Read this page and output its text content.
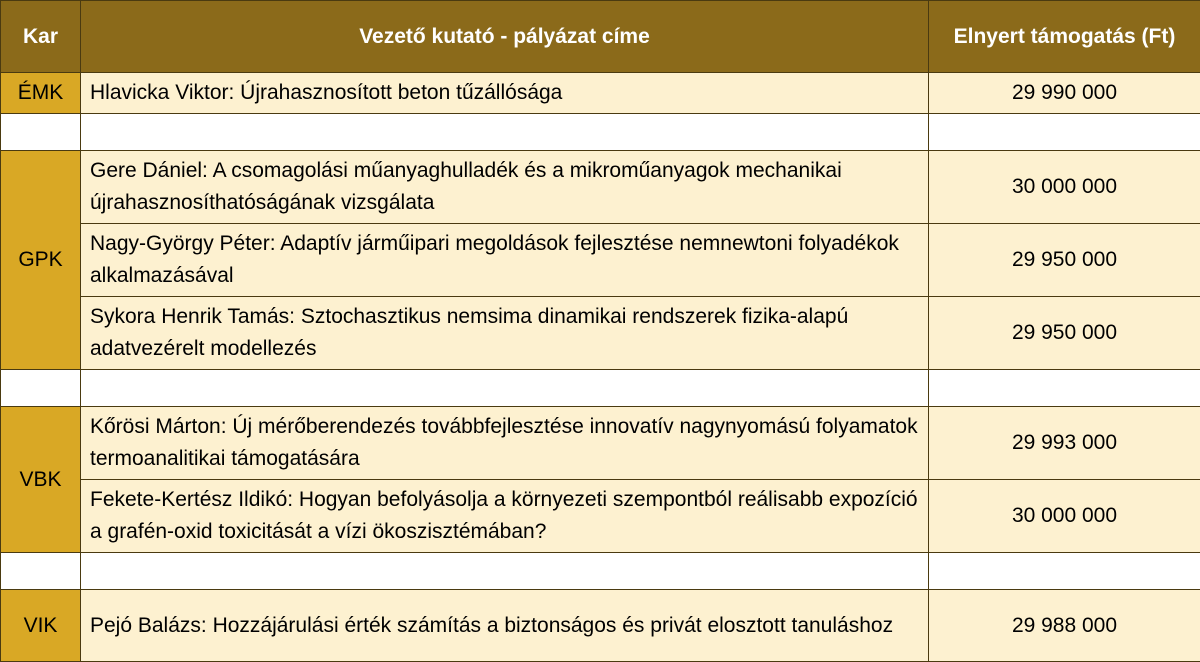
Kar	Vezető kutató - pályázat címe	Elnyert támogatás (Ft)
ÉMK	Hlavicka Viktor: Újrahasznosított beton tűzállósága	29 990 000

GPK	Gere Dániel: A csomagolási műanyaghulladék és a mikroműanyagok mechanikai újrahasznosíthatóságának vizsgálata	30 000 000
	Nagy-György Péter: Adaptív járműipari megoldások fejlesztése nemnewtoni folyadékok alkalmazásával	29 950 000
	Sykora Henrik Tamás: Sztochasztikus nemsima dinamikai rendszerek fizika-alapú adatvezérelt modellezés	29 950 000

VBK	Kőrösi Márton: Új mérőberendezés továbbfejlesztése innovatív nagynyomású folyamatok termoanalitikai támogatására	29 993 000
	Fekete-Kertész Ildikó: Hogyan befolyásolja a környezeti szempontból reálisabb expozíció a grafén-oxid toxicitását a vízi ökoszisztémában?	30 000 000

VIK	Pejó Balázs: Hozzájárulási érték számítás a biztonságos és privát elosztott tanuláshoz	29 988 000
